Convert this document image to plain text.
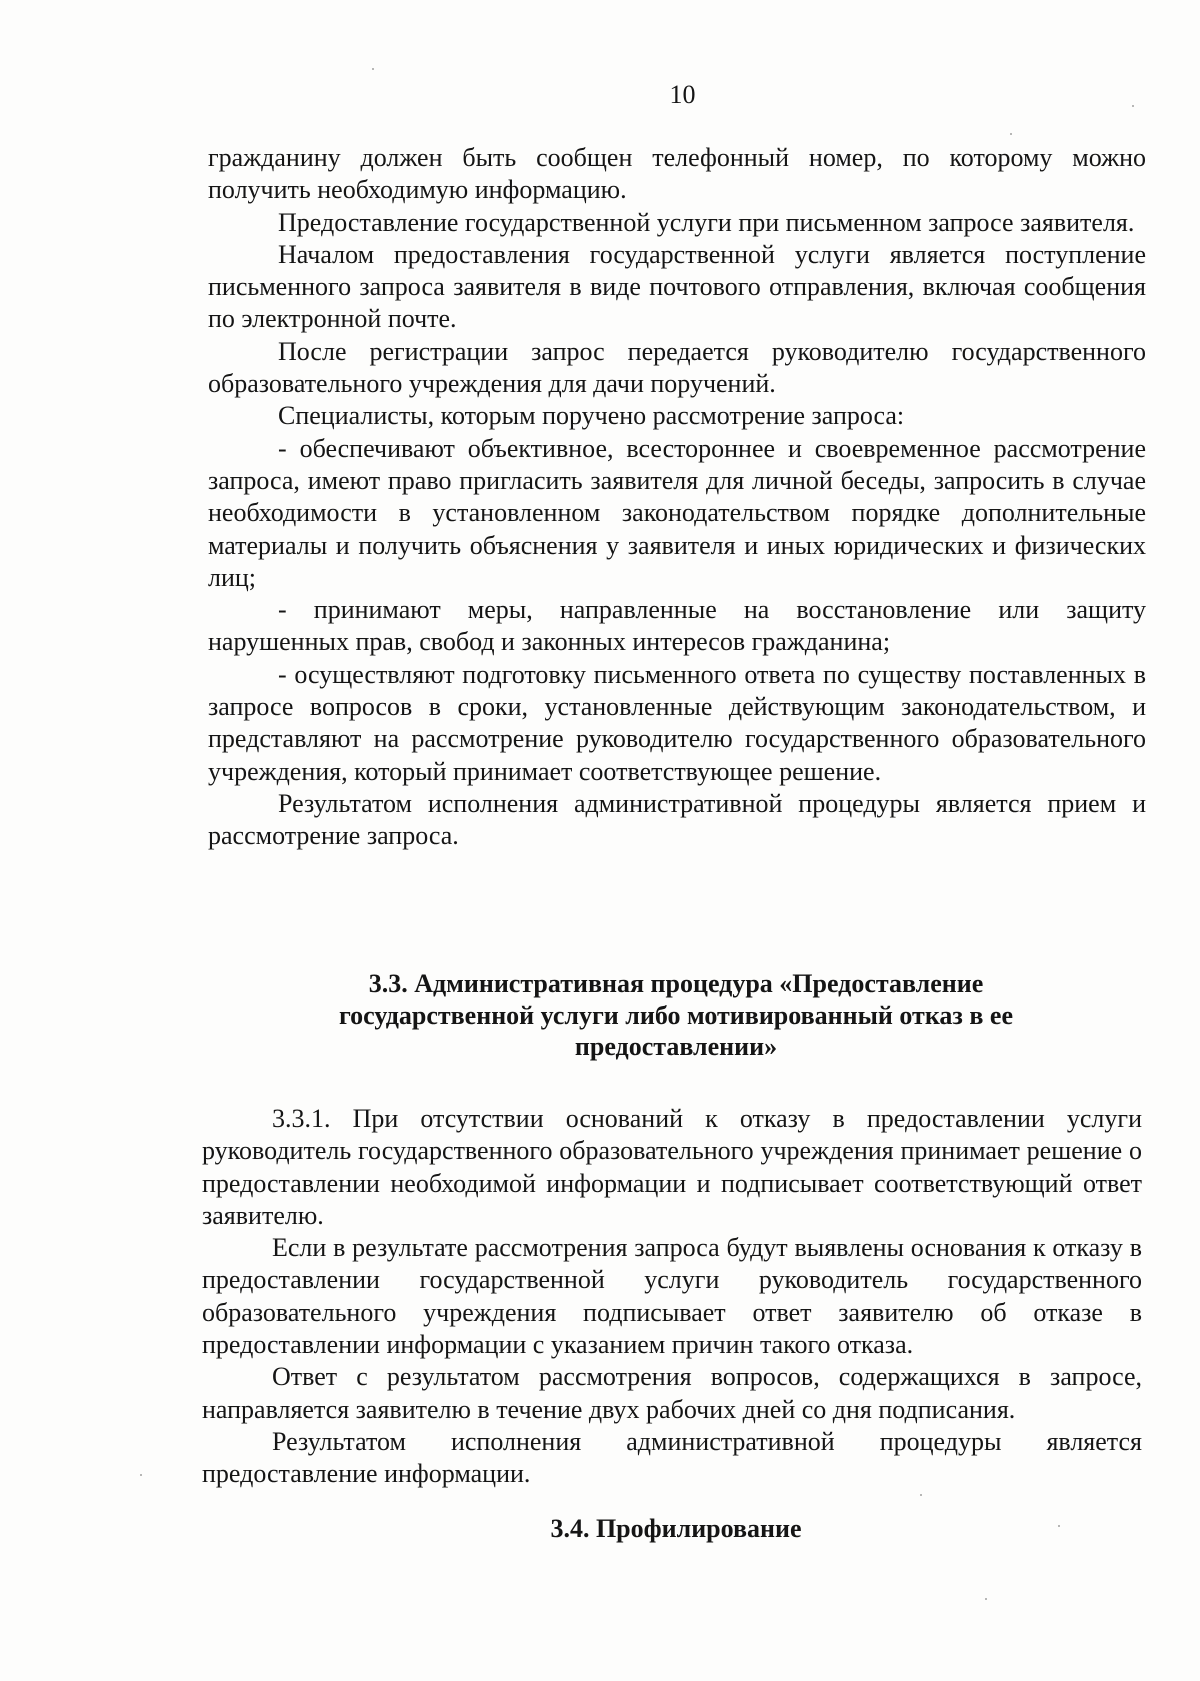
10

гражданину должен быть сообщен телефонный номер, по которому можно получить необходимую информацию.

Предоставление государственной услуги при письменном запросе заявителя.

Началом предоставления государственной услуги является поступление письменного запроса заявителя в виде почтового отправления, включая сообщения по электронной почте.

После регистрации запрос передается руководителю государственного образовательного учреждения для дачи поручений.

Специалисты, которым поручено рассмотрение запроса:

- обеспечивают объективное, всестороннее и своевременное рассмотрение запроса, имеют право пригласить заявителя для личной беседы, запросить в случае необходимости в установленном законодательством порядке дополнительные материалы и получить объяснения у заявителя и иных юридических и физических лиц;

- принимают меры, направленные на восстановление или защиту нарушенных прав, свобод и законных интересов гражданина;

- осуществляют подготовку письменного ответа по существу поставленных в запросе вопросов в сроки, установленные действующим законодательством, и представляют на рассмотрение руководителю государственного образовательного учреждения, который принимает соответствующее решение.

Результатом исполнения административной процедуры является прием и рассмотрение запроса.

3.3. Административная процедура «Предоставление
государственной услуги либо мотивированный отказ в ее
предоставлении»

3.3.1. При отсутствии оснований к отказу в предоставлении услуги руководитель государственного образовательного учреждения принимает решение о предоставлении необходимой информации и подписывает соответствующий ответ заявителю.

Если в результате рассмотрения запроса будут выявлены основания к отказу в предоставлении государственной услуги руководитель государственного образовательного учреждения подписывает ответ заявителю об отказе в предоставлении информации с указанием причин такого отказа.

Ответ с результатом рассмотрения вопросов, содержащихся в запросе, направляется заявителю в течение двух рабочих дней со дня подписания.

Результатом исполнения административной процедуры является предоставление информации.

3.4. Профилирование
